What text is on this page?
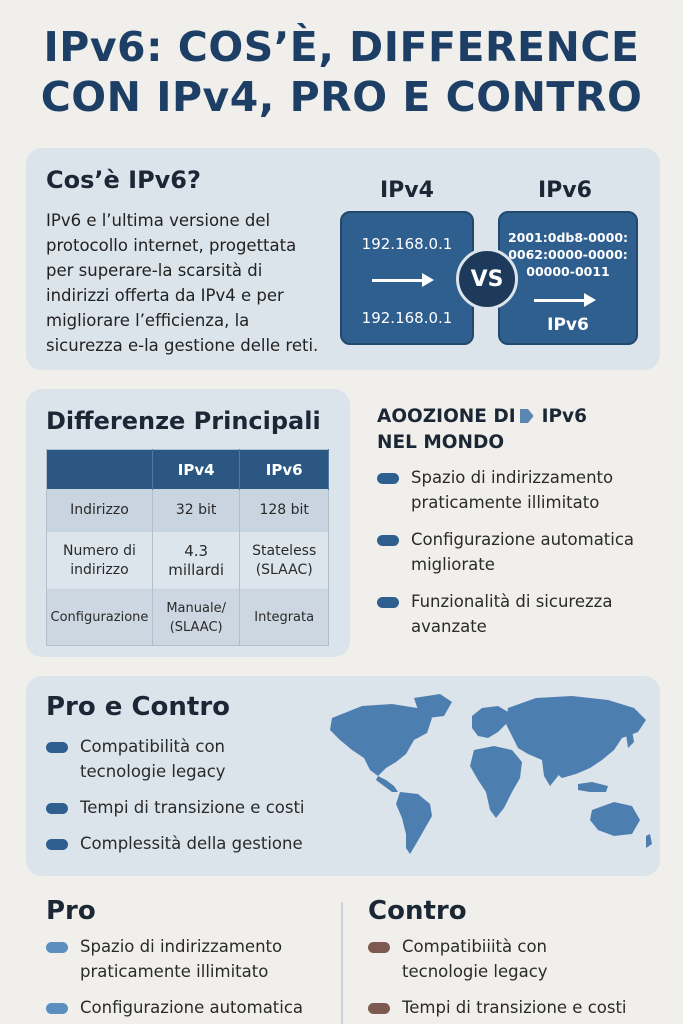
IPv6: COS’È, DIFFERENCE
CON IPv4, PRO E CONTRO
Cos’è IPv6?
IPv6 e l’ultima versione del
protocollo internet, progettata
per superare-la scarsità di
indirizzi offerta da IPv4 e per
migliorare l’efficienza, la
sicurezza e-la gestione delle reti.
IPv4	IPv6
192.168.0.1
192.168.0.1
2001:0db8-0000:
0062:0000-0000:
00000-0011
IPv6
VS
Differenze Principali
	IPv4	IPv6
Indirizzo	32 bit	128 bit
Numero di indirizzo	4.3 millardi	Stateless (SLAAC)
Configurazione	Manuale/ (SLAAC)	Integrata
AOOZIONE DI IPv6
NEL MONDO
Spazio di indirizzamento
praticamente illimitato
Configurazione automatica
migliorate
Funzionalità di sicurezza
avanzate
Pro e Contro
Compatibilità con
tecnologie legacy
Tempi di transizione e costi
Complessità della gestione
Pro
Spazio di indirizzamento
praticamente illimitato
Configurazione automatica
Contro
Compatibiiità con
tecnologie legacy
Tempi di transizione e costi
